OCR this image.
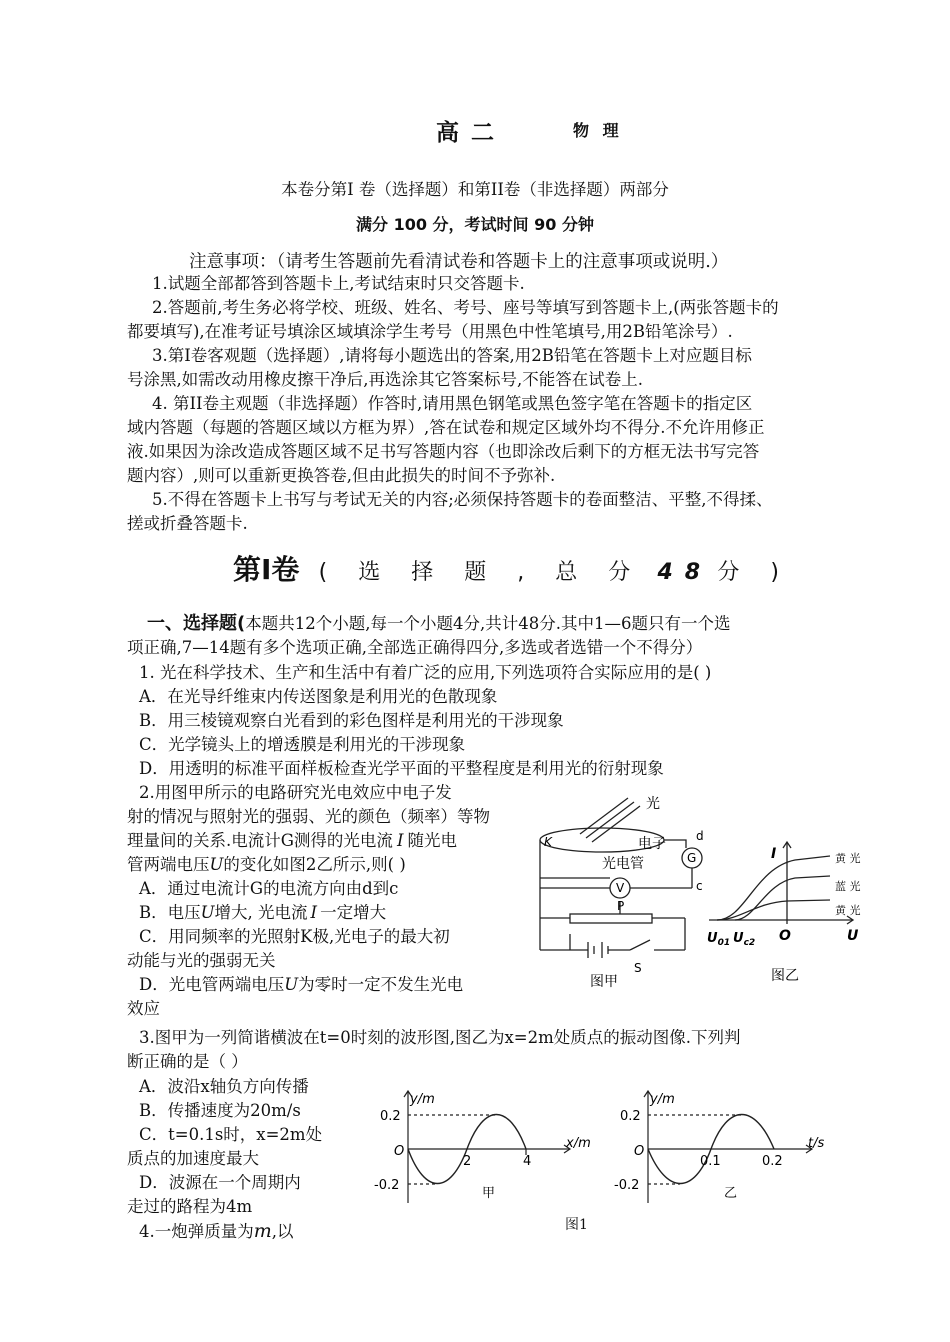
高 二	物 理
本卷分第I 卷（选择题）和第II卷（非选择题）两部分
满分 100 分，考试时间 90 分钟
注意事项：（请考生答题前先看清试卷和答题卡上的注意事项或说明.）
1.试题全部都答到答题卡上,考试结束时只交答题卡.
2.答题前,考生务必将学校、班级、姓名、考号、座号等填写到答题卡上,(两张答题卡的
都要填写),在准考证号填涂区域填涂学生考号（用黑色中性笔填号,用2B铅笔涂号）.
3.第Ⅰ卷客观题（选择题）,请将每小题选出的答案,用2B铅笔在答题卡上对应题目标
号涂黑,如需改动用橡皮擦干净后,再选涂其它答案标号,不能答在试卷上.
4. 第II卷主观题（非选择题）作答时,请用黑色钢笔或黑色签字笔在答题卡的指定区
域内答题（每题的答题区域以方框为界）,答在试卷和规定区域外均不得分.不允许用修正
液.如果因为涂改造成答题区域不足书写答题内容（也即涂改后剩下的方框无法书写完答
题内容）,则可以重新更换答卷,但由此损失的时间不予弥补.
5.不得在答题卡上书写与考试无关的内容;必须保持答题卡的卷面整洁、平整,不得揉、
搓或折叠答题卡.
第Ⅰ卷 ( 选 择 题 , 总 分 48 分 )
一、选择题(本题共12个小题,每一个小题4分,共计48分.其中1—6题只有一个选
项正确,7—14题有多个选项正确,全部选正确得四分,多选或者选错一个不得分）
1. 光在科学技术、生产和生活中有着广泛的应用,下列选项符合实际应用的是( )
A．在光导纤维束内传送图象是利用光的色散现象
B．用三棱镜观察白光看到的彩色图样是利用光的干涉现象
C．光学镜头上的增透膜是利用光的干涉现象
D．用透明的标准平面样板检查光学平面的平整程度是利用光的衍射现象
2.用图甲所示的电路研究光电效应中电子发
射的情况与照射光的强弱、光的颜色（频率）等物
理量间的关系.电流计G测得的光电流 I 随光电
管两端电压U的变化如图2乙所示,则( )
A．通过电流计G的电流方向由d到c
B．电压U增大, 光电流 I 一定增大
C．用同频率的光照射K极,光电子的最大初
动能与光的强弱无关
D．光电管两端电压U为零时一定不发生光电
效应
光
K	电子
光电管
d
G
V	c
P
S
图甲
I
U
O
$U_{01}$ $U_{c2}$
黄 光
蓝 光
黄 光
图乙
3.图甲为一列简谐横波在t=0时刻的波形图,图乙为x=2m处质点的振动图像.下列判
断正确的是（ ）
A．波沿x轴负方向传播
B．传播速度为20m/s
C．t=0.1s时，x=2m处
质点的加速度最大
D．波源在一个周期内
走过的路程为4m
y/m
x/m
0.2
-0.2
O
2	4
甲
y/m
t/s
0.2
-0.2
O
0.1	0.2
乙
图1
4.一炮弹质量为m,以
